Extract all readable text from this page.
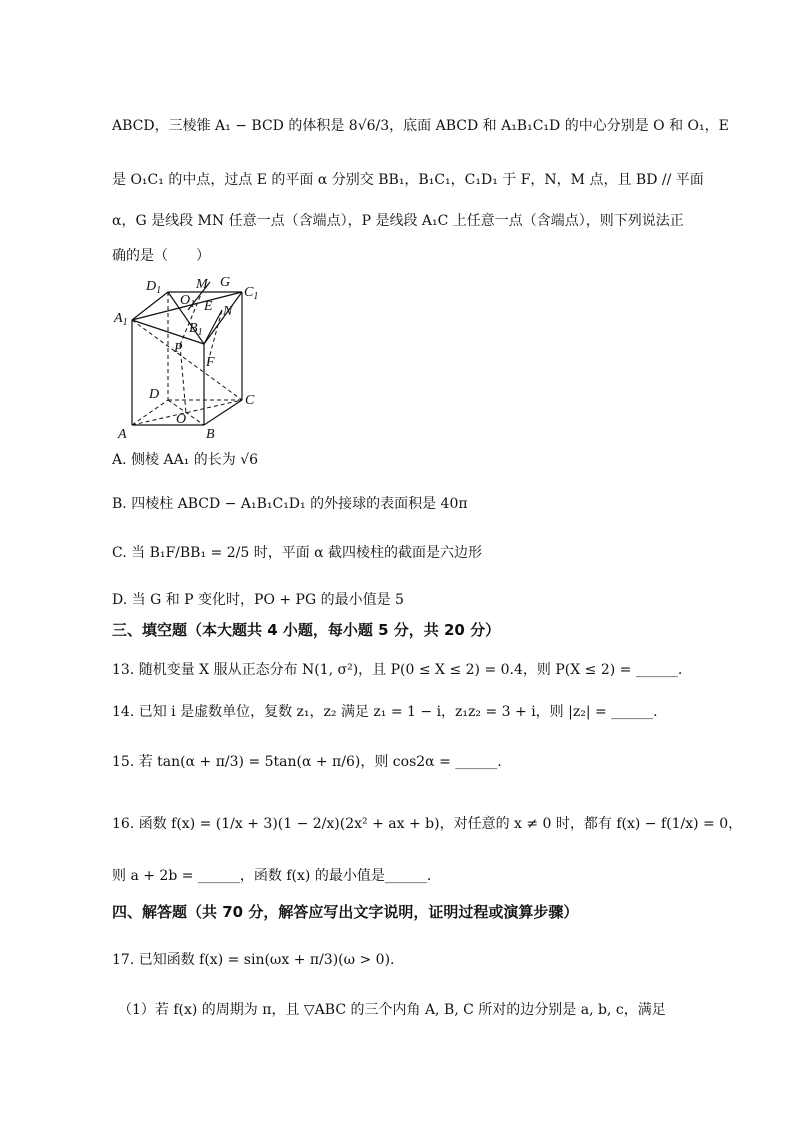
ABCD，三棱锥 A₁ − BCD 的体积是 8√6/3，底面 ABCD 和 A₁B₁C₁D 的中心分别是 O 和 O₁，E
是 O₁C₁ 的中点，过点 E 的平面 α 分别交 BB₁，B₁C₁，C₁D₁ 于 F，N，M 点，且 BD // 平面
α，G 是线段 MN 任意一点（含端点），P 是线段 A₁C 上任意一点（含端点），则下列说法正
确的是（　　）
$D_1$ M G
$C_1$
$O_1$ E N
$A_1$	$B_1$
P
F
D	C
O
A	B
A. 侧棱 AA₁ 的长为 √6
B. 四棱柱 ABCD − A₁B₁C₁D₁ 的外接球的表面积是 40π
C. 当 B₁F/BB₁ = 2/5 时，平面 α 截四棱柱的截面是六边形
D. 当 G 和 P 变化时，PO + PG 的最小值是 5
三、填空题（本大题共 4 小题，每小题 5 分，共 20 分）
13. 随机变量 X 服从正态分布 N(1, σ²)，且 P(0 ≤ X ≤ 2) = 0.4，则 P(X ≤ 2) = ______.
14. 已知 i 是虚数单位，复数 z₁，z₂ 满足 z₁ = 1 − i，z₁z₂ = 3 + i，则 |z₂| = ______.
15. 若 tan(α + π/3) = 5tan(α + π/6)，则 cos2α = ______.
16. 函数 f(x) = (1/x + 3)(1 − 2/x)(2x² + ax + b)，对任意的 x ≠ 0 时，都有 f(x) − f(1/x) = 0，
则 a + 2b = ______，函数 f(x) 的最小值是______.
四、解答题（共 70 分，解答应写出文字说明，证明过程或演算步骤）
17. 已知函数 f(x) = sin(ωx + π/3)(ω > 0).
（1）若 f(x) 的周期为 π，且 ▽ABC 的三个内角 A, B, C 所对的边分别是 a, b, c，满足
